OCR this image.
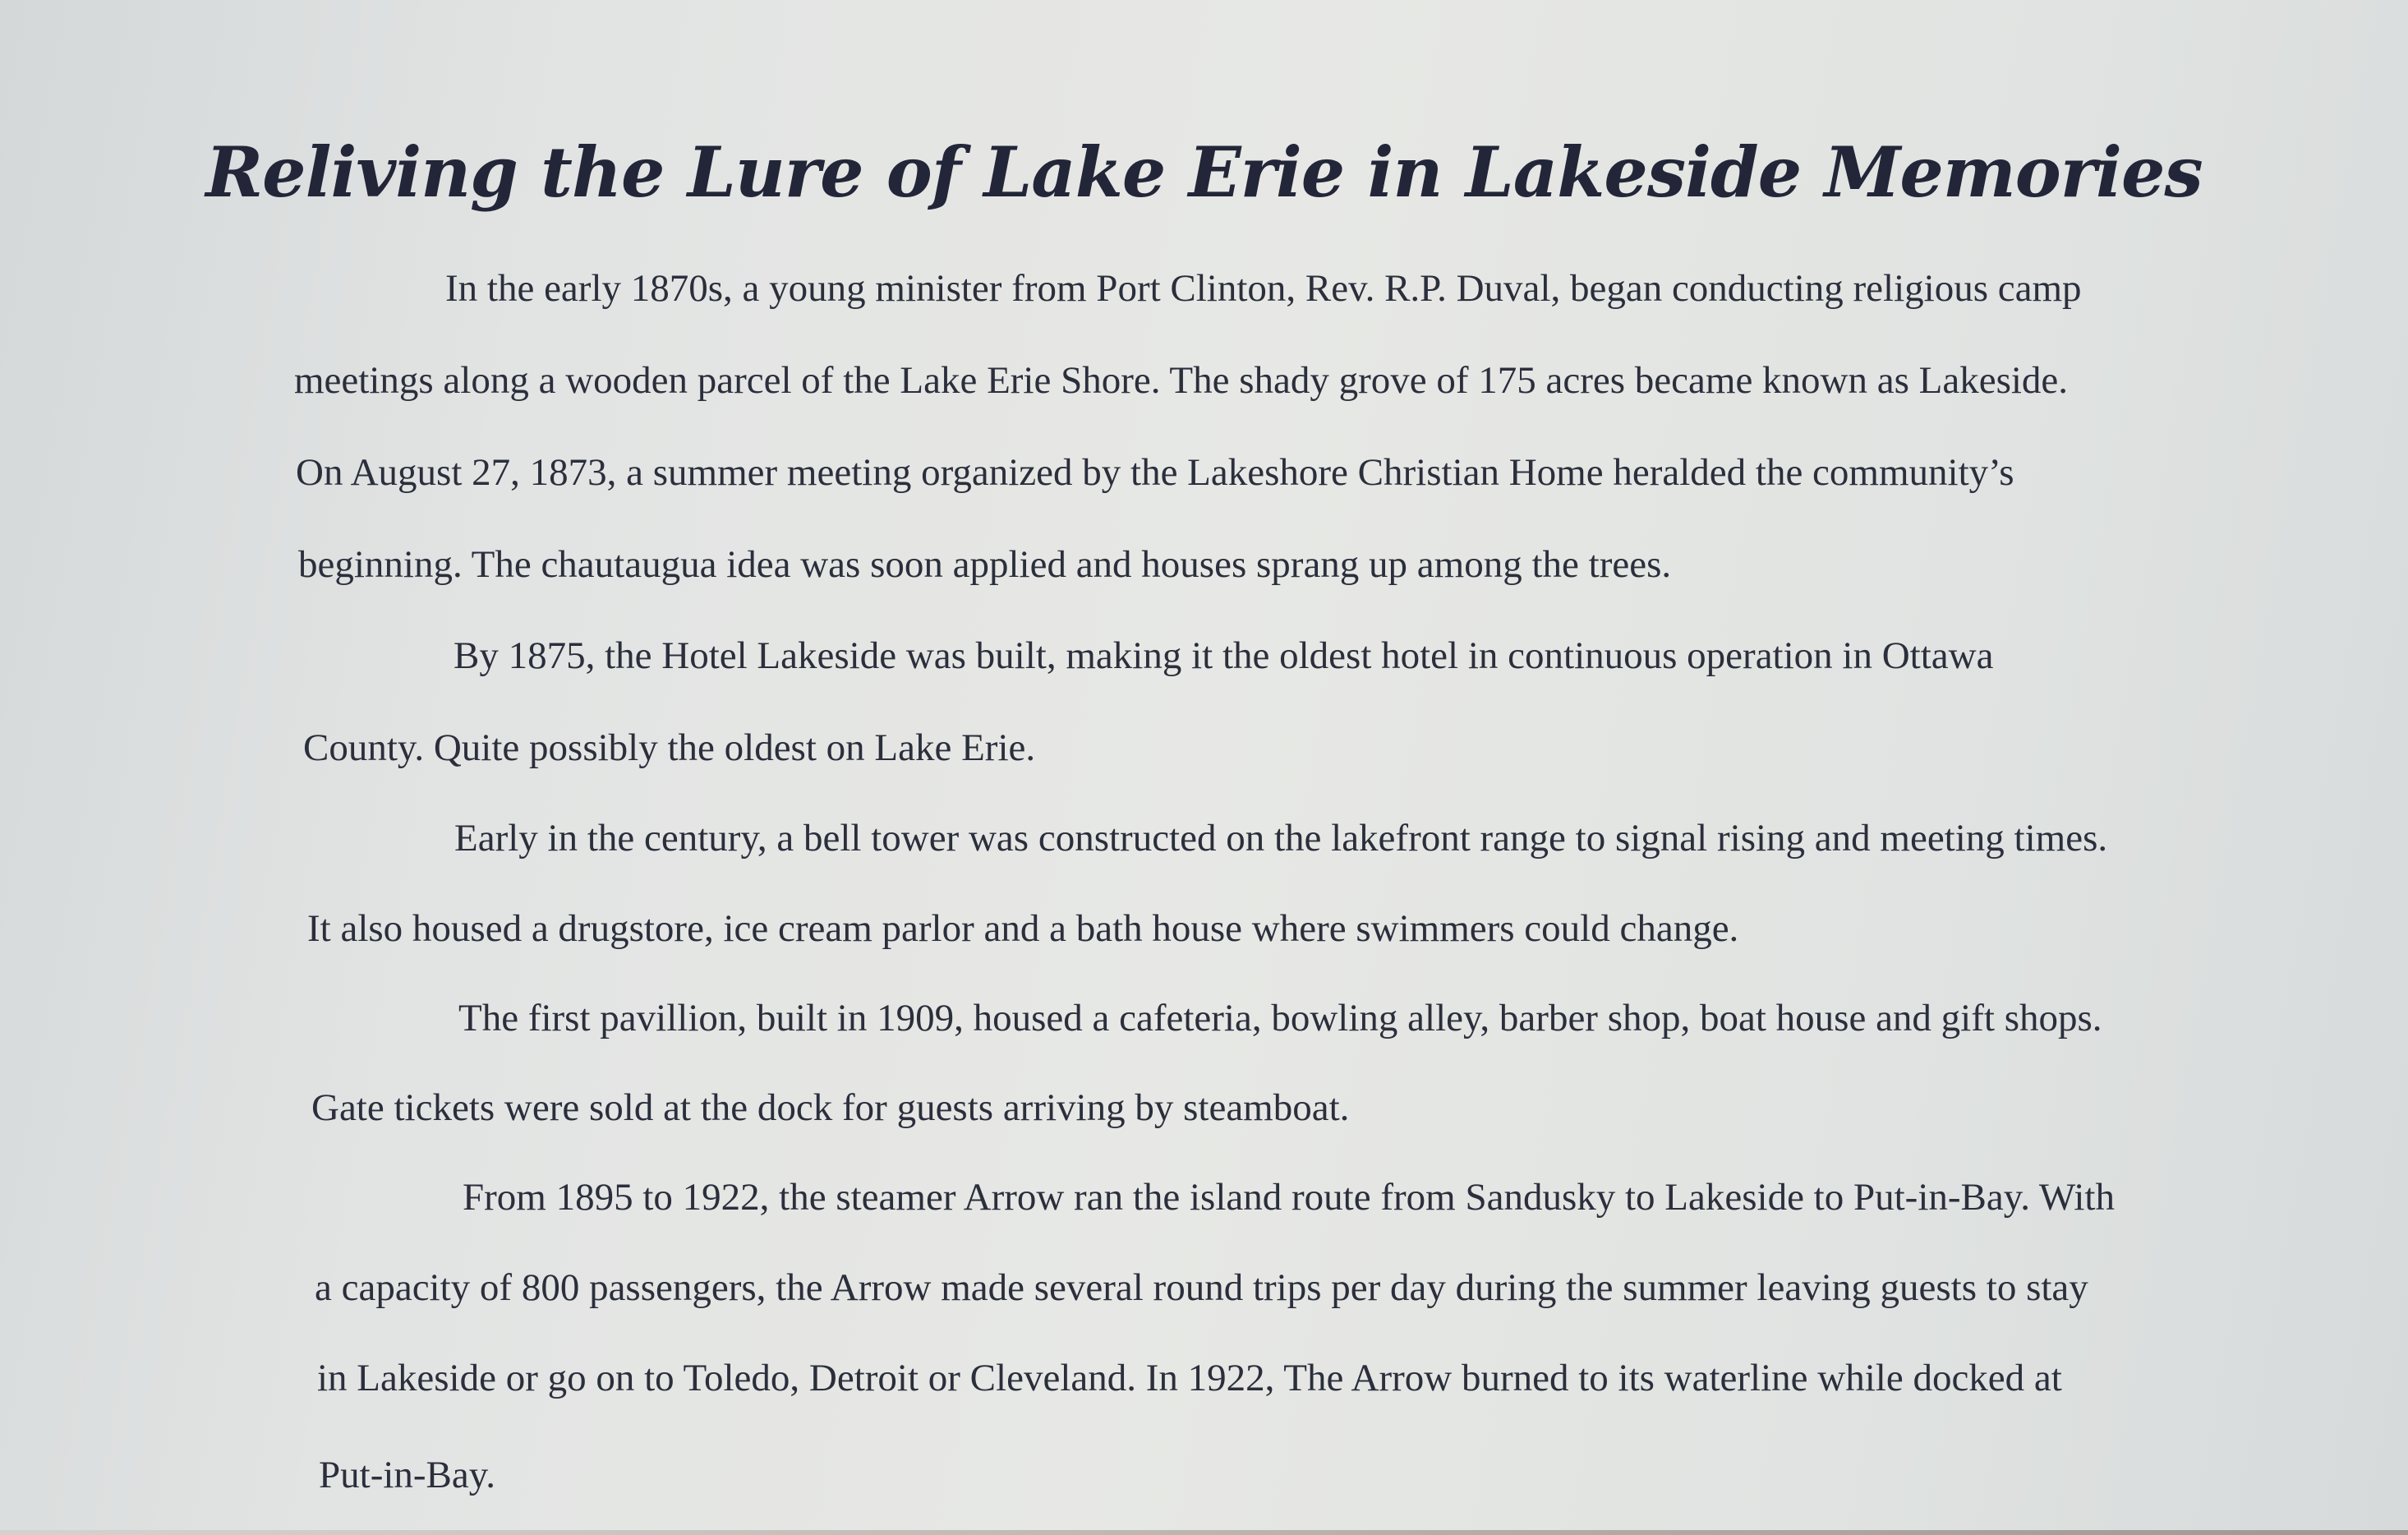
Reliving the Lure of Lake Erie in Lakeside Memories

In the early 1870s, a young minister from Port Clinton, Rev. R.P. Duval, began conducting religious camp

meetings along a wooden parcel of the Lake Erie Shore. The shady grove of 175 acres became known as Lakeside.

On August 27, 1873, a summer meeting organized by the Lakeshore Christian Home heralded the community’s

beginning. The chautaugua idea was soon applied and houses sprang up among the trees.

By 1875, the Hotel Lakeside was built, making it the oldest hotel in continuous operation in Ottawa

County. Quite possibly the oldest on Lake Erie.

Early in the century, a bell tower was constructed on the lakefront range to signal rising and meeting times.

It also housed a drugstore, ice cream parlor and a bath house where swimmers could change.

The first pavillion, built in 1909, housed a cafeteria, bowling alley, barber shop, boat house and gift shops.

Gate tickets were sold at the dock for guests arriving by steamboat.

From 1895 to 1922, the steamer Arrow ran the island route from Sandusky to Lakeside to Put-in-Bay. With

a capacity of 800 passengers, the Arrow made several round trips per day during the summer leaving guests to stay

in Lakeside or go on to Toledo, Detroit or Cleveland. In 1922, The Arrow burned to its waterline while docked at

Put-in-Bay.
